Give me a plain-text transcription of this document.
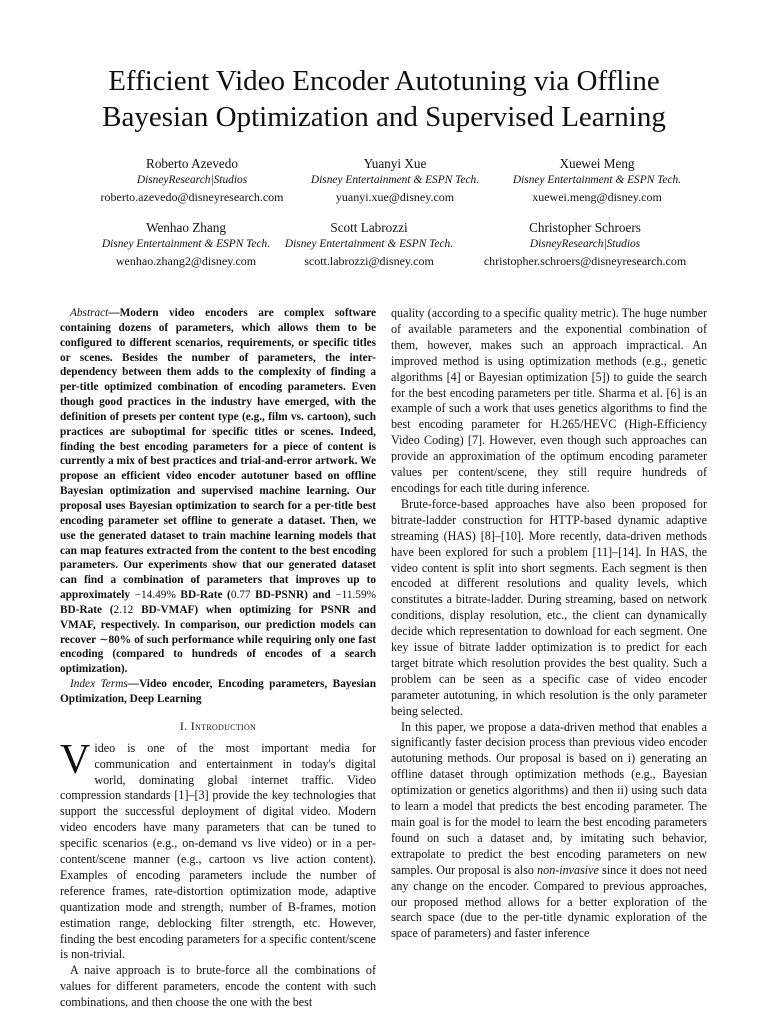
Efficient Video Encoder Autotuning via Offline
Bayesian Optimization and Supervised Learning
Roberto Azevedo
DisneyResearch|Studios
roberto.azevedo@disneyresearch.com
Yuanyi Xue
Disney Entertainment & ESPN Tech.
yuanyi.xue@disney.com
Xuewei Meng
Disney Entertainment & ESPN Tech.
xuewei.meng@disney.com
Wenhao Zhang
Disney Entertainment & ESPN Tech.
wenhao.zhang2@disney.com
Scott Labrozzi
Disney Entertainment & ESPN Tech.
scott.labrozzi@disney.com
Christopher Schroers
DisneyResearch|Studios
christopher.schroers@disneyresearch.com

Abstract—Modern video encoders are complex software containing dozens of parameters, which allows them to be configured to different scenarios, requirements, or specific titles or scenes. Besides the number of parameters, the inter-dependency between them adds to the complexity of finding a per-title optimized combination of encoding parameters. Even though good practices in the industry have emerged, with the definition of presets per content type (e.g., film vs. cartoon), such practices are suboptimal for specific titles or scenes. Indeed, finding the best encoding parameters for a piece of content is currently a mix of best practices and trial-and-error artwork. We propose an efficient video encoder autotuner based on offline Bayesian optimization and supervised machine learning. Our proposal uses Bayesian optimization to search for a per-title best encoding parameter set offline to generate a dataset. Then, we use the generated dataset to train machine learning models that can map features extracted from the content to the best encoding parameters. Our experiments show that our generated dataset can find a combination of parameters that improves up to approximately −14.49% BD-Rate (0.77 BD-PSNR) and −11.59% BD-Rate (2.12 BD-VMAF) when optimizing for PSNR and VMAF, respectively. In comparison, our prediction models can recover ∼80% of such performance while requiring only one fast encoding (compared to hundreds of encodes of a search optimization).

Index Terms—Video encoder, Encoding parameters, Bayesian Optimization, Deep Learning

I. Introduction

Video is one of the most important media for communication and entertainment in today's digital world, dominating global internet traffic. Video compression standards [1]–[3] provide the key technologies that support the successful deployment of digital video. Modern video encoders have many parameters that can be tuned to specific scenarios (e.g., on-demand vs live video) or in a per-content/scene manner (e.g., cartoon vs live action content). Examples of encoding parameters include the number of reference frames, rate-distortion optimization mode, adaptive quantization mode and strength, number of B-frames, motion estimation range, deblocking filter strength, etc. However, finding the best encoding parameters for a specific content/scene is non-trivial.

A naive approach is to brute-force all the combinations of values for different parameters, encode the content with such combinations, and then choose the one with the best

quality (according to a specific quality metric). The huge number of available parameters and the exponential combination of them, however, makes such an approach impractical. An improved method is using optimization methods (e.g., genetic algorithms [4] or Bayesian optimization [5]) to guide the search for the best encoding parameters per title. Sharma et al. [6] is an example of such a work that uses genetics algorithms to find the best encoding parameter for H.265/HEVC (High-Efficiency Video Coding) [7]. However, even though such approaches can provide an approximation of the optimum encoding parameter values per content/scene, they still require hundreds of encodings for each title during inference.

Brute-force-based approaches have also been proposed for bitrate-ladder construction for HTTP-based dynamic adaptive streaming (HAS) [8]–[10]. More recently, data-driven methods have been explored for such a problem [11]–[14]. In HAS, the video content is split into short segments. Each segment is then encoded at different resolutions and quality levels, which constitutes a bitrate-ladder. During streaming, based on network conditions, display resolution, etc., the client can dynamically decide which representation to download for each segment. One key issue of bitrate ladder optimization is to predict for each target bitrate which resolution provides the best quality. Such a problem can be seen as a specific case of video encoder parameter autotuning, in which resolution is the only parameter being selected.

In this paper, we propose a data-driven method that enables a significantly faster decision process than previous video encoder autotuning methods. Our proposal is based on i) generating an offline dataset through optimization methods (e.g., Bayesian optimization or genetics algorithms) and then ii) using such data to learn a model that predicts the best encoding parameter. The main goal is for the model to learn the best encoding parameters found on such a dataset and, by imitating such behavior, extrapolate to predict the best encoding parameters on new samples. Our proposal is also non-invasive since it does not need any change on the encoder. Compared to previous approaches, our proposed method allows for a better exploration of the search space (due to the per-title dynamic exploration of the space of parameters) and faster inference
